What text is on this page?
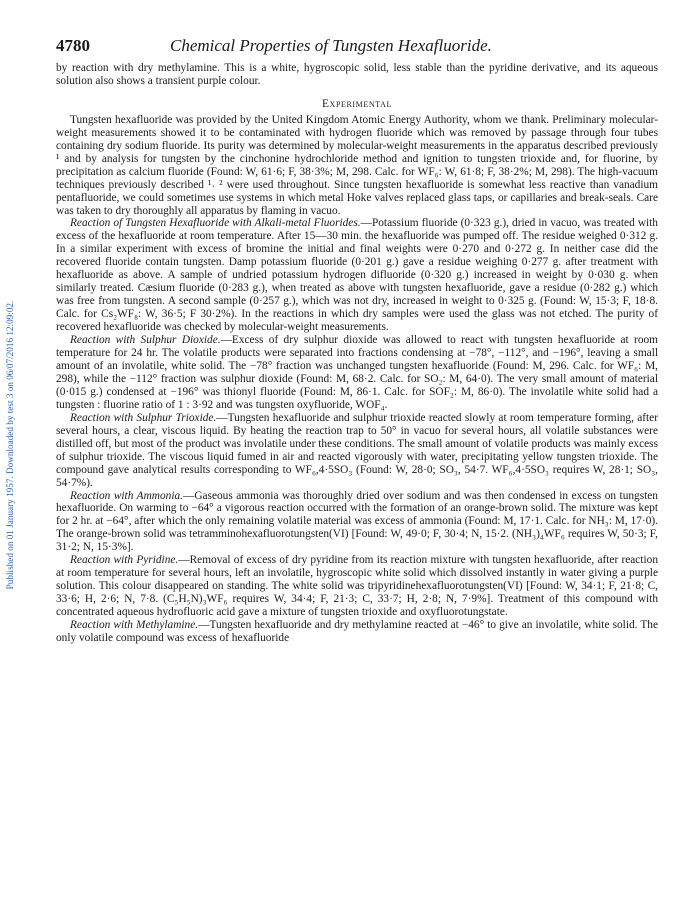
Published on 01 January 1957. Downloaded by test 3 on 06/07/2016 12:09:02.
4780	Chemical Properties of Tungsten Hexafluoride.

by reaction with dry methylamine. This is a white, hygroscopic solid, less stable than the pyridine derivative, and its aqueous solution also shows a transient purple colour.

Experimental

Tungsten hexafluoride was provided by the United Kingdom Atomic Energy Authority, whom we thank. Preliminary molecular-weight measurements showed it to be contaminated with hydrogen fluoride which was removed by passage through four tubes containing dry sodium fluoride. Its purity was determined by molecular-weight measurements in the apparatus described previously ¹ and by analysis for tungsten by the cinchonine hydrochloride method and ignition to tungsten trioxide and, for fluorine, by precipitation as calcium fluoride (Found: W, 61·6; F, 38·3%; M, 298. Calc. for WF₆: W, 61·8; F, 38·2%; M, 298). The high-vacuum techniques previously described ¹˒ ² were used throughout. Since tungsten hexafluoride is somewhat less reactive than vanadium pentafluoride, we could sometimes use systems in which metal Hoke valves replaced glass taps, or capillaries and break-seals. Care was taken to dry thoroughly all apparatus by flaming in vacuo.

Reaction of Tungsten Hexafluoride with Alkali-metal Fluorides.—Potassium fluoride (0·323 g.), dried in vacuo, was treated with excess of the hexafluoride at room temperature. After 15—30 min. the hexafluoride was pumped off. The residue weighed 0·312 g. In a similar experiment with excess of bromine the initial and final weights were 0·270 and 0·272 g. In neither case did the recovered fluoride contain tungsten. Damp potassium fluoride (0·201 g.) gave a residue weighing 0·277 g. after treatment with hexafluoride as above. A sample of undried potassium hydrogen difluoride (0·320 g.) increased in weight by 0·030 g. when similarly treated. Cæsium fluoride (0·283 g.), when treated as above with tungsten hexafluoride, gave a residue (0·282 g.) which was free from tungsten. A second sample (0·257 g.), which was not dry, increased in weight to 0·325 g. (Found: W, 15·3; F, 18·8. Calc. for Cs₂WF₈: W, 36·5; F 30·2%). In the reactions in which dry samples were used the glass was not etched. The purity of recovered hexafluoride was checked by molecular-weight measurements.

Reaction with Sulphur Dioxide.—Excess of dry sulphur dioxide was allowed to react with tungsten hexafluoride at room temperature for 24 hr. The volatile products were separated into fractions condensing at −78°, −112°, and −196°, leaving a small amount of an involatile, white solid. The −78° fraction was unchanged tungsten hexafluoride (Found: M, 296. Calc. for WF₆: M, 298), while the −112° fraction was sulphur dioxide (Found: M, 68·2. Calc. for SO₂: M, 64·0). The very small amount of material (0·015 g.) condensed at −196° was thionyl fluoride (Found: M, 86·1. Calc. for SOF₂: M, 86·0). The involatile white solid had a tungsten : fluorine ratio of 1 : 3·92 and was tungsten oxyfluoride, WOF₄.

Reaction with Sulphur Trioxide.—Tungsten hexafluoride and sulphur trioxide reacted slowly at room temperature forming, after several hours, a clear, viscous liquid. By heating the reaction trap to 50° in vacuo for several hours, all volatile substances were distilled off, but most of the product was involatile under these conditions. The small amount of volatile products was mainly excess of sulphur trioxide. The viscous liquid fumed in air and reacted vigorously with water, precipitating yellow tungsten trioxide. The compound gave analytical results corresponding to WF₆,4·5SO₃ (Found: W, 28·0; SO₃, 54·7. WF₆,4·5SO₃ requires W, 28·1; SO₃, 54·7%).

Reaction with Ammonia.—Gaseous ammonia was thoroughly dried over sodium and was then condensed in excess on tungsten hexafluoride. On warming to −64° a vigorous reaction occurred with the formation of an orange-brown solid. The mixture was kept for 2 hr. at −64°, after which the only remaining volatile material was excess of ammonia (Found: M, 17·1. Calc. for NH₃: M, 17·0). The orange-brown solid was tetramminohexafluorotungsten(VI) [Found: W, 49·0; F, 30·4; N, 15·2. (NH₃)₄WF₆ requires W, 50·3; F, 31·2; N, 15·3%].

Reaction with Pyridine.—Removal of excess of dry pyridine from its reaction mixture with tungsten hexafluoride, after reaction at room temperature for several hours, left an involatile, hygroscopic white solid which dissolved instantly in water giving a purple solution. This colour disappeared on standing. The white solid was tripyridinehexafluorotungsten(VI) [Found: W, 34·1; F, 21·8; C, 33·6; H, 2·6; N, 7·8. (C₅H₅N)₃WF₆ requires W, 34·4; F, 21·3; C, 33·7; H, 2·8; N, 7·9%]. Treatment of this compound with concentrated aqueous hydrofluoric acid gave a mixture of tungsten trioxide and oxyfluorotungstate.

Reaction with Methylamine.—Tungsten hexafluoride and dry methylamine reacted at −46° to give an involatile, white solid. The only volatile compound was excess of hexafluoride
